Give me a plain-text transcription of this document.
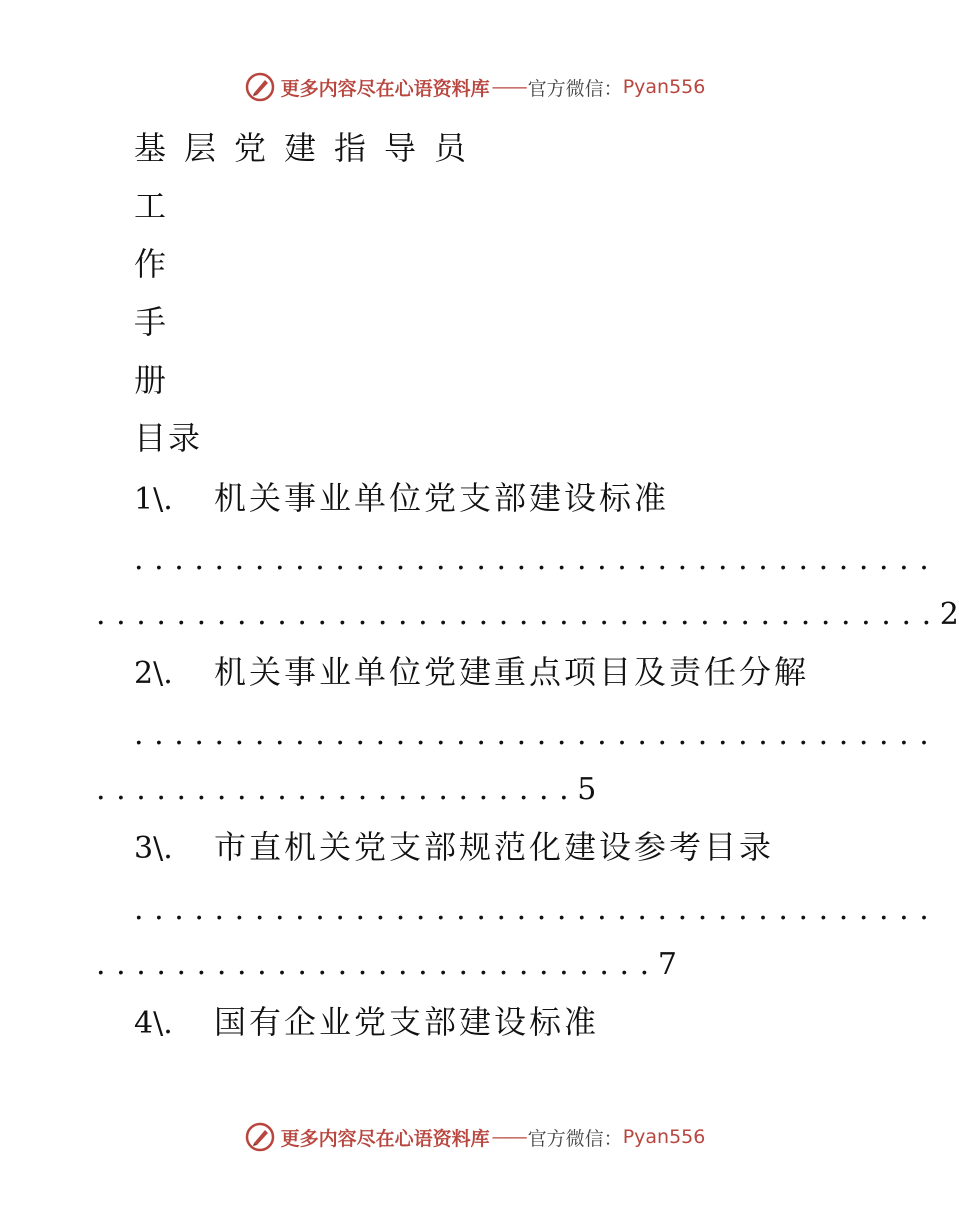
更多内容尽在心语资料库 —— 官方微信： Pyan556
基层党建指导员
工
作
手
册
目录
1\. 机关事业单位党支部建设标准
........................................
..........................................2
2\. 机关事业单位党建重点项目及责任分解
........................................
........................5
3\. 市直机关党支部规范化建设参考目录
........................................
............................7
4\. 国有企业党支部建设标准
更多内容尽在心语资料库 —— 官方微信： Pyan556
